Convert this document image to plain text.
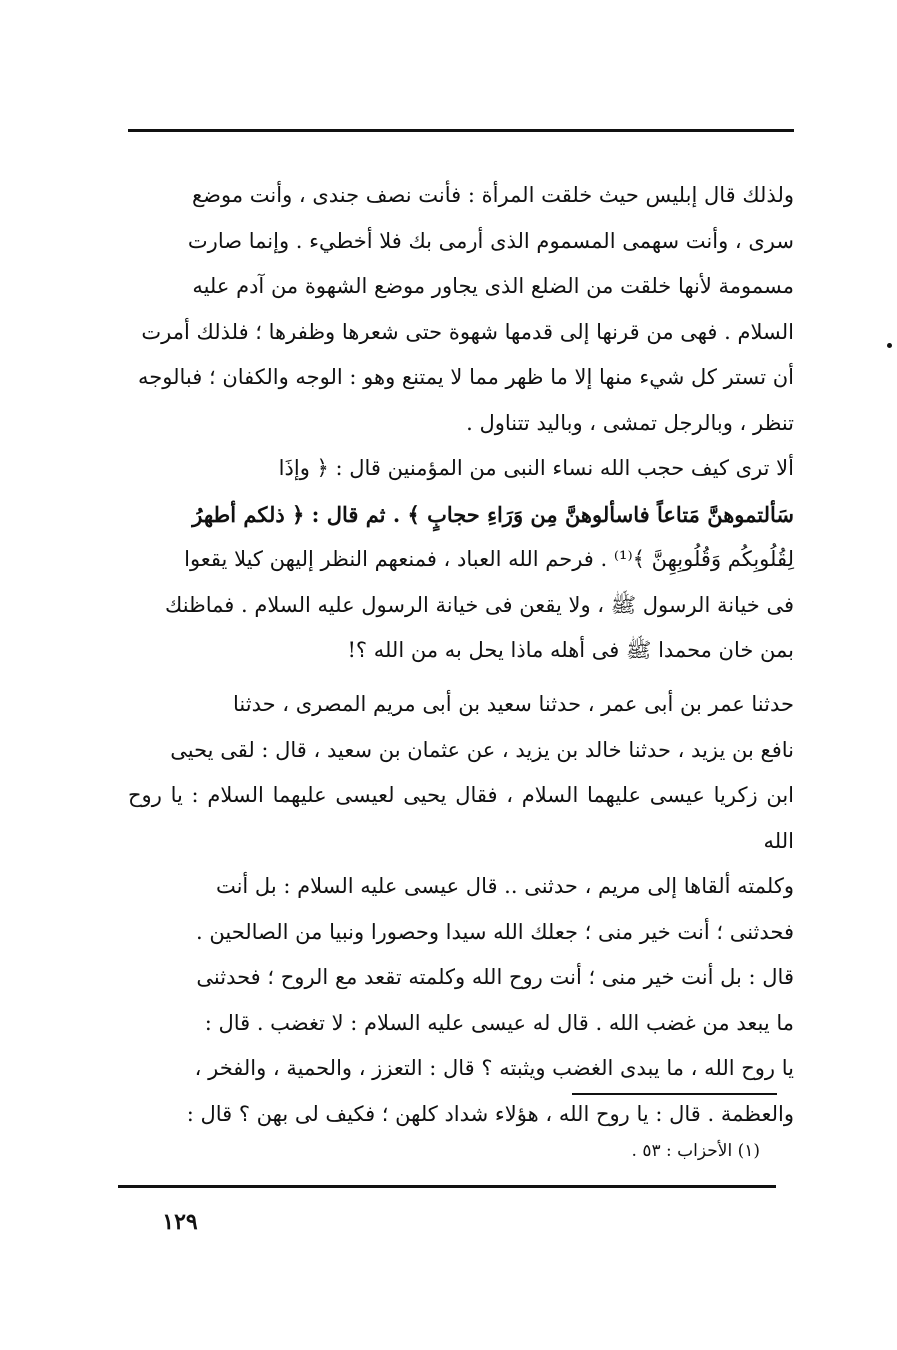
ولذلك قال إبليس حيث خلقت المرأة : فأنت نصف جندى ، وأنت موضع
سرى ، وأنت سهمى المسموم الذى أرمى بك فلا أخطيء . وإنما صارت
مسمومة لأنها خلقت من الضلع الذى يجاور موضع الشهوة من آدم عليه
السلام . فهى من قرنها إلى قدمها شهوة حتى شعرها وظفرها ؛ فلذلك أمرت
أن تستر كل شيء منها إلا ما ظهر مما لا يمتنع وهو : الوجه والكفان ؛ فبالوجه
تنظر ، وبالرجل تمشى ، وباليد تتناول .
ألا ترى كيف حجب الله نساء النبى من المؤمنين قال : ﴿ وإذَا
سَألتموهنَّ مَتاعاً فاسألوهنَّ مِن وَرَاءِ حجابٍ ﴾ . ثم قال : ﴿ ذلكم أطهرُ
لِقُلُوبِكُم وَقُلُوبِهِنَّ ﴾⁽¹⁾ . فرحم الله العباد ، فمنعهم النظر إليهن كيلا يقعوا
فى خيانة الرسول ﷺ ، ولا يقعن فى خيانة الرسول عليه السلام . فماظنك
بمن خان محمدا ﷺ فى أهله ماذا يحل به من الله ؟!
حدثنا عمر بن أبى عمر ، حدثنا سعيد بن أبى مريم المصرى ، حدثنا
نافع بن يزيد ، حدثنا خالد بن يزيد ، عن عثمان بن سعيد ، قال : لقى يحيى
ابن زكريا عيسى عليهما السلام ، فقال يحيى لعيسى عليهما السلام : يا روح الله
وكلمته ألقاها إلى مريم ، حدثنى .. قال عيسى عليه السلام : بل أنت
فحدثنى ؛ أنت خير منى ؛ جعلك الله سيدا وحصورا ونبيا من الصالحين .
قال : بل أنت خير منى ؛ أنت روح الله وكلمته تقعد مع الروح ؛ فحدثنى
ما يبعد من غضب الله . قال له عيسى عليه السلام : لا تغضب . قال :
يا روح الله ، ما يبدى الغضب ويثبته ؟ قال : التعزز ، والحمية ، والفخر ،
والعظمة . قال : يا روح الله ، هؤلاء شداد كلهن ؛ فكيف لى بهن ؟ قال :
(١) الأحزاب : ٥٣ .
١٢٩
